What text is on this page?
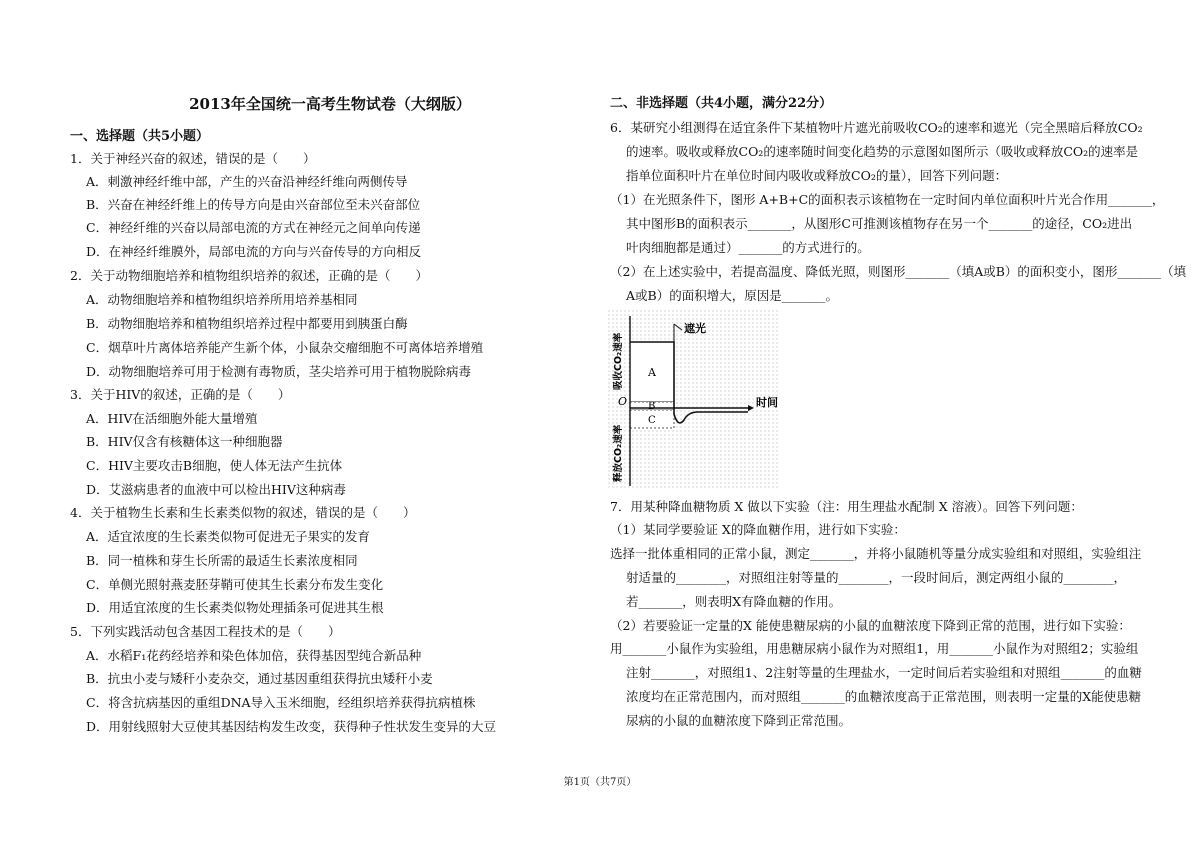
2013年全国统一高考生物试卷（大纲版）
一、选择题（共5小题）
1．关于神经兴奋的叙述，错误的是（　　）
A．刺激神经纤维中部，产生的兴奋沿神经纤维向两侧传导
B．兴奋在神经纤维上的传导方向是由兴奋部位至未兴奋部位
C．神经纤维的兴奋以局部电流的方式在神经元之间单向传递
D．在神经纤维膜外，局部电流的方向与兴奋传导的方向相反
2．关于动物细胞培养和植物组织培养的叙述，正确的是（　　）
A．动物细胞培养和植物组织培养所用培养基相同
B．动物细胞培养和植物组织培养过程中都要用到胰蛋白酶
C．烟草叶片离体培养能产生新个体，小鼠杂交瘤细胞不可离体培养增殖
D．动物细胞培养可用于检测有毒物质，茎尖培养可用于植物脱除病毒
3．关于HIV的叙述，正确的是（　　）
A．HIV在活细胞外能大量增殖
B．HIV仅含有核糖体这一种细胞器
C．HIV主要攻击B细胞，使人体无法产生抗体
D．艾滋病患者的血液中可以检出HIV这种病毒
4．关于植物生长素和生长素类似物的叙述，错误的是（　　）
A．适宜浓度的生长素类似物可促进无子果实的发育
B．同一植株和芽生长所需的最适生长素浓度相同
C．单侧光照射燕麦胚芽鞘可使其生长素分布发生变化
D．用适宜浓度的生长素类似物处理插条可促进其生根
5．下列实践活动包含基因工程技术的是（　　）
A．水稻F₁花药经培养和染色体加倍，获得基因型纯合新品种
B．抗虫小麦与矮秆小麦杂交，通过基因重组获得抗虫矮秆小麦
C．将含抗病基因的重组DNA导入玉米细胞，经组织培养获得抗病植株
D．用射线照射大豆使其基因结构发生改变，获得种子性状发生变异的大豆
二、非选择题（共4小题，满分22分）
6．某研究小组测得在适宜条件下某植物叶片遮光前吸收CO₂的速率和遮光（完全黑暗后释放CO₂
的速率。吸收或释放CO₂的速率随时间变化趋势的示意图如图所示（吸收或释放CO₂的速率是
指单位面积叶片在单位时间内吸收或释放CO₂的量），回答下列问题：
（1）在光照条件下，图形 A+B+C的面积表示该植物在一定时间内单位面积叶片光合作用_______，
其中图形B的面积表示_______，从图形C可推测该植物存在另一个_______的途径，CO₂进出
叶肉细胞都是通过）_______的方式进行的。
（2）在上述实验中，若提高温度、降低光照，则图形_______（填A或B）的面积变小，图形_______（填
A或B）的面积增大，原因是_______。
遮光
时间
O
A
B
C
吸收CO₂速率
释放CO₂速率
7．用某种降血糖物质 X 做以下实验（注：用生理盐水配制 X 溶液）。回答下列问题：
（1）某同学要验证 X的降血糖作用，进行如下实验：
选择一批体重相同的正常小鼠，测定_______，并将小鼠随机等量分成实验组和对照组，实验组注
射适量的________，对照组注射等量的________，一段时间后，测定两组小鼠的________，
若_______，则表明X有降血糖的作用。
（2）若要验证一定量的X 能使患糖尿病的小鼠的血糖浓度下降到正常的范围，进行如下实验：
用_______小鼠作为实验组，用患糖尿病小鼠作为对照组1，用_______小鼠作为对照组2；实验组
注射_______，对照组1、2注射等量的生理盐水，一定时间后若实验组和对照组_______的血糖
浓度均在正常范围内，而对照组_______的血糖浓度高于正常范围，则表明一定量的X能使患糖
尿病的小鼠的血糖浓度下降到正常范围。
第1页（共7页）
